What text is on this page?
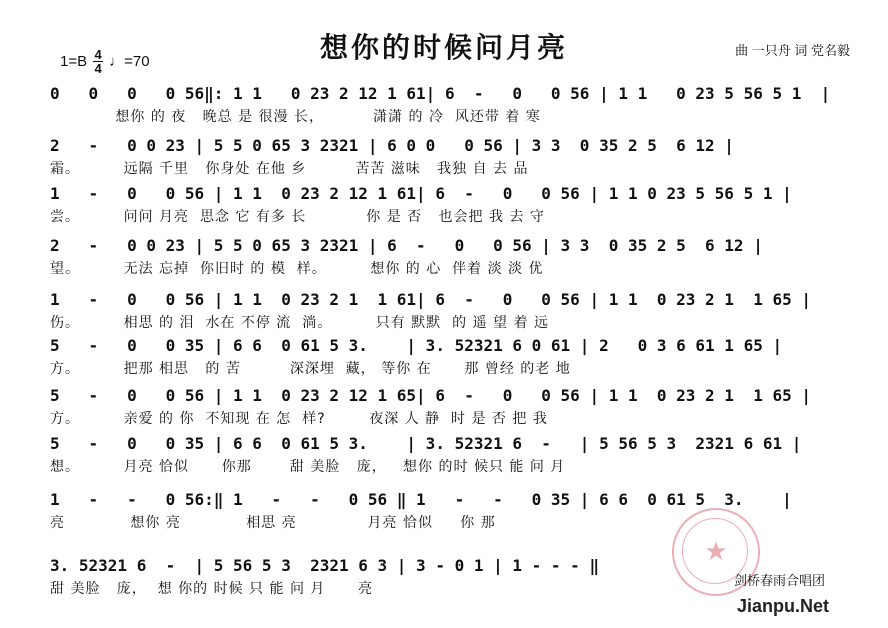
想你的时候问月亮
$1=B \frac{4}{4}$ ♩=70
曲 一只舟 词 党名毅
0   0   0   0 56‖: 1 1   0 23 2 12 1 61| 6  -   0   0 56 | 1 1   0 23 5 56 5 1  |
想你 的 夜   晚总 是 很漫 长，         潇潇 的 冷  风还带 着 寒
2   -   0 0 23 | 5 5 0 65 3 2321 | 6 0 0   0 56 | 3 3  0 35 2 5  6 12 |
霜。        远隔 千里   你身处 在他 乡         苦苦 滋味   我独 自 去 品
1   -   0   0 56 | 1 1  0 23 2 12 1 61| 6  -   0   0 56 | 1 1 0 23 5 56 5 1 |
尝。        问问 月亮  思念 它 有多 长           你 是 否   也会把 我 去 守
2   -   0 0 23 | 5 5 0 65 3 2321 | 6  -   0   0 56 | 3 3  0 35 2 5  6 12 |
望。        无法 忘掉  你旧时 的 模  样。        想你 的 心  伴着 淡 淡 优
1   -   0   0 56 | 1 1  0 23 2 1  1 61| 6  -   0   0 56 | 1 1  0 23 2 1  1 65 |
伤。        相思 的 泪  水在 不停 流  淌。        只有 默默  的 遥 望 着 远
5   -   0   0 35 | 6 6  0 61 5 3.    | 3. 52321 6 0 61 | 2   0 3 6 61 1 65 |
方。        把那 相思   的 苦         深深埋  藏， 等你 在      那 曾经 的老 地
5   -   0   0 56 | 1 1  0 23 2 12 1 65| 6  -   0   0 56 | 1 1  0 23 2 1  1 65 |
方。        亲爱 的 你  不知现 在 怎  样?        夜深 人 静  时 是 否 把 我
5   -   0   0 35 | 6 6  0 61 5 3.    | 3. 52321 6  -   | 5 56 5 3  2321 6 61 |
想。        月亮 恰似      你那       甜 美脸   庞，   想你 的时 候只 能 问 月
1   -   -   0 56:‖ 1   -   -   0 56 ‖ 1   -   -   0 35 | 6 6  0 61 5  3.    |
亮            想你 亮            相思 亮             月亮 恰似     你 那
3. 52321 6  -  | 5 56 5 3  2321 6 3 | 3 - 0 1 | 1 - - - ‖
甜 美脸   庞，  想 你的 时候 只 能 问 月      亮
★
剑桥春雨合唱团
Jianpu.Net
